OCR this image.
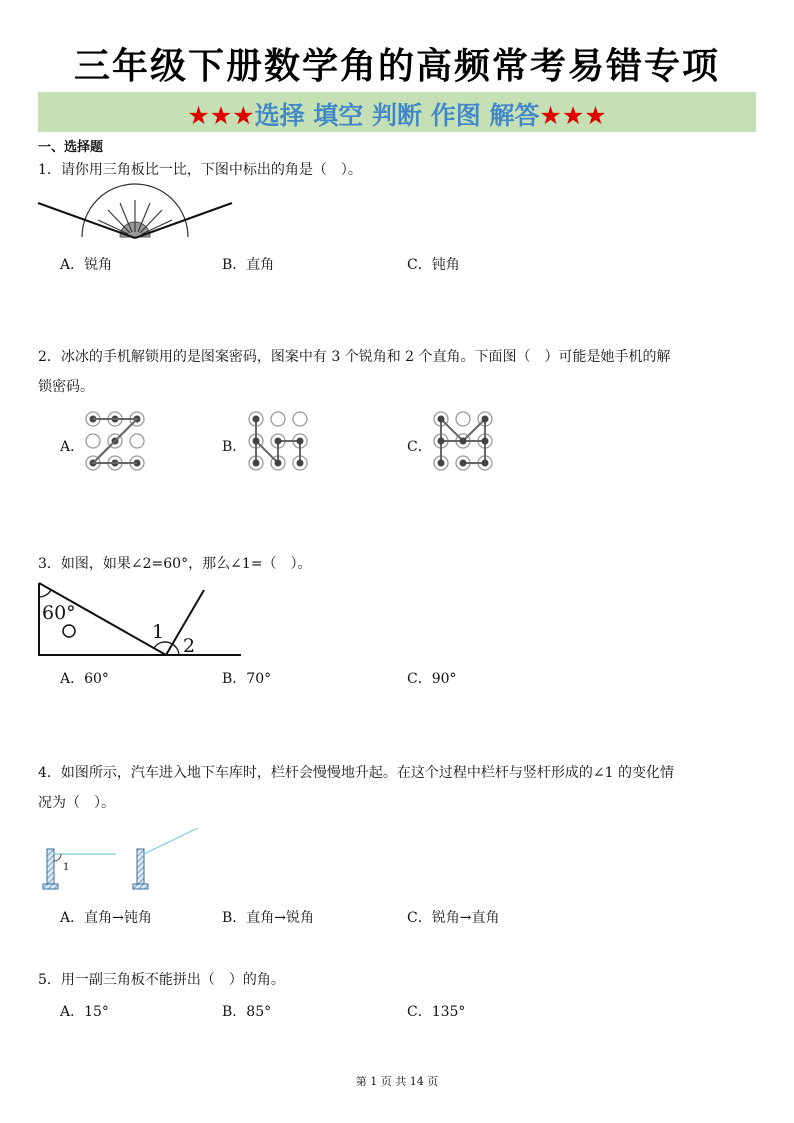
三年级下册数学角的高频常考易错专项
★★★选择 填空 判断 作图 解答★★★
一、选择题
1．请你用三角板比一比，下图中标出的角是（　）。
A．锐角	B．直角	C．钝角
2．冰冰的手机解锁用的是图案密码，图案中有 3 个锐角和 2 个直角。下面图（　）可能是她手机的解
锁密码。
A．	B．	C．
3．如图，如果∠2=60°，那么∠1=（　）。
60°
1
2
A．60°	B．70°	C．90°
4．如图所示，汽车进入地下车库时，栏杆会慢慢地升起。在这个过程中栏杆与竖杆形成的∠1 的变化情
况为（　）。
1
A．直角→钝角	B．直角→锐角	C．锐角→直角
5．用一副三角板不能拼出（　）的角。
A．15°	B．85°	C．135°
第 1 页 共 14 页
